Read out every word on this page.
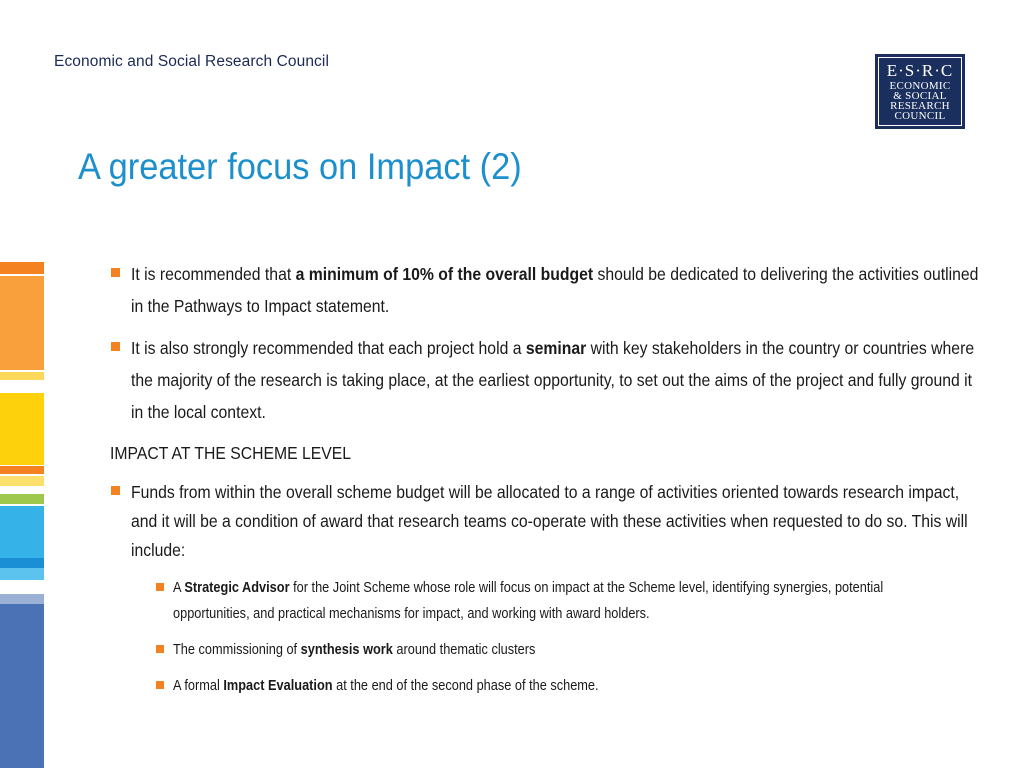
Economic and Social Research Council	E·S·R·C
ECONOMIC
& SOCIAL
RESEARCH
COUNCIL
A greater focus on Impact (2)
It is recommended that a minimum of 10% of the overall budget should be dedicated to delivering the activities outlined in the Pathways to Impact statement.
It is also strongly recommended that each project hold a seminar with key stakeholders in the country or countries where the majority of the research is taking place, at the earliest opportunity, to set out the aims of the project and fully ground it in the local context.
IMPACT AT THE SCHEME LEVEL
Funds from within the overall scheme budget will be allocated to a range of activities oriented towards research impact, and it will be a condition of award that research teams co-operate with these activities when requested to do so. This will include:
A Strategic Advisor for the Joint Scheme whose role will focus on impact at the Scheme level, identifying synergies, potential opportunities, and practical mechanisms for impact, and working with award holders.
The commissioning of synthesis work around thematic clusters
A formal Impact Evaluation at the end of the second phase of the scheme.
